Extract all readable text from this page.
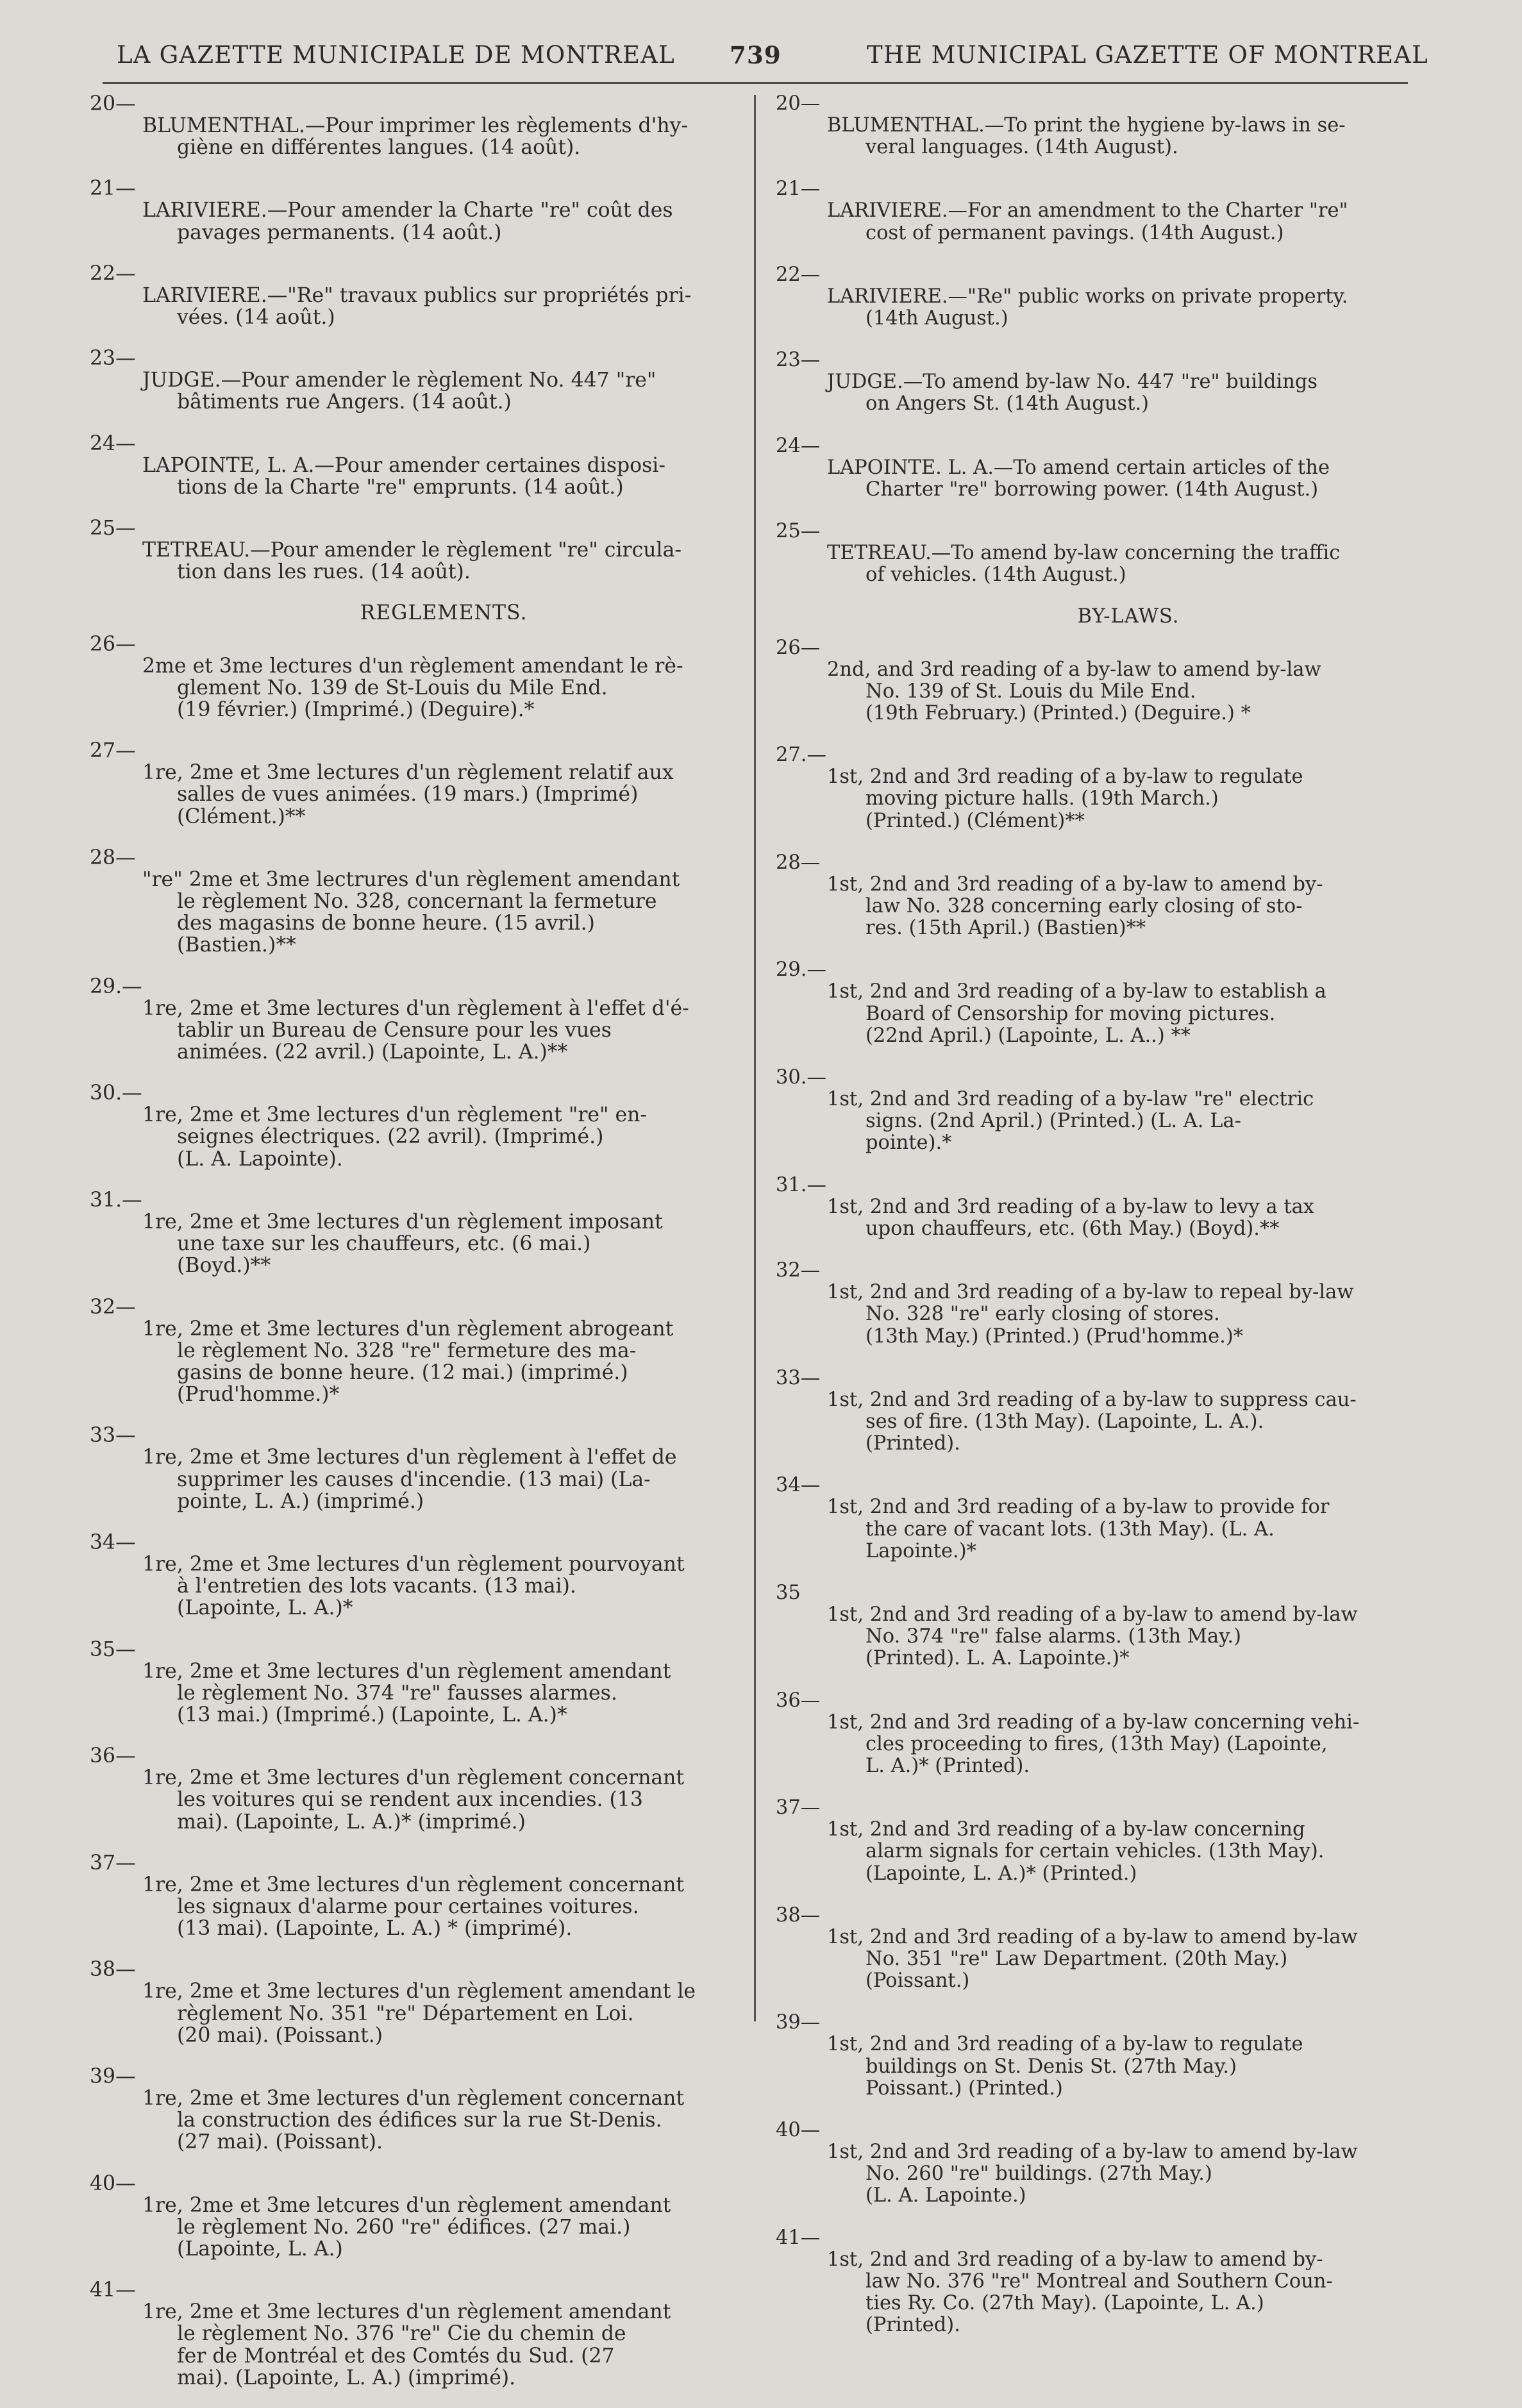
LA GAZETTE MUNICIPALE DE MONTREAL 739	THE MUNICIPAL GAZETTE OF MONTREAL
20—
BLUMENTHAL.—Pour imprimer les règlements d'hy-
giène en différentes langues. (14 août).
21—
LARIVIERE.—Pour amender la Charte "re" coût des
pavages permanents. (14 août.)
22—
LARIVIERE.—"Re" travaux publics sur propriétés pri-
vées. (14 août.)
23—
JUDGE.—Pour amender le règlement No. 447 "re"
bâtiments rue Angers. (14 août.)
24—
LAPOINTE, L. A.—Pour amender certaines disposi-
tions de la Charte "re" emprunts. (14 août.)
25—
TETREAU.—Pour amender le règlement "re" circula-
tion dans les rues. (14 août).
REGLEMENTS.
26—
2me et 3me lectures d'un règlement amendant le rè-
glement No. 139 de St-Louis du Mile End.
(19 février.) (Imprimé.) (Deguire).*
27—
1re, 2me et 3me lectures d'un règlement relatif aux
salles de vues animées. (19 mars.) (Imprimé)
(Clément.)**
28—
"re" 2me et 3me lectrures d'un règlement amendant
le règlement No. 328, concernant la fermeture
des magasins de bonne heure. (15 avril.)
(Bastien.)**
29.—
1re, 2me et 3me lectures d'un règlement à l'effet d'é-
tablir un Bureau de Censure pour les vues
animées. (22 avril.) (Lapointe, L. A.)**
30.—
1re, 2me et 3me lectures d'un règlement "re" en-
seignes électriques. (22 avril). (Imprimé.)
(L. A. Lapointe).
31.—
1re, 2me et 3me lectures d'un règlement imposant
une taxe sur les chauffeurs, etc. (6 mai.)
(Boyd.)**
32—
1re, 2me et 3me lectures d'un règlement abrogeant
le règlement No. 328 "re" fermeture des ma-
gasins de bonne heure. (12 mai.) (imprimé.)
(Prud'homme.)*
33—
1re, 2me et 3me lectures d'un règlement à l'effet de
supprimer les causes d'incendie. (13 mai) (La-
pointe, L. A.) (imprimé.)
34—
1re, 2me et 3me lectures d'un règlement pourvoyant
à l'entretien des lots vacants. (13 mai).
(Lapointe, L. A.)*
35—
1re, 2me et 3me lectures d'un règlement amendant
le règlement No. 374 "re" fausses alarmes.
(13 mai.) (Imprimé.) (Lapointe, L. A.)*
36—
1re, 2me et 3me lectures d'un règlement concernant
les voitures qui se rendent aux incendies. (13
mai). (Lapointe, L. A.)* (imprimé.)
37—
1re, 2me et 3me lectures d'un règlement concernant
les signaux d'alarme pour certaines voitures.
(13 mai). (Lapointe, L. A.) * (imprimé).
38—
1re, 2me et 3me lectures d'un règlement amendant le
règlement No. 351 "re" Département en Loi.
(20 mai). (Poissant.)
39—
1re, 2me et 3me lectures d'un règlement concernant
la construction des édifices sur la rue St-Denis.
(27 mai). (Poissant).
40—
1re, 2me et 3me letcures d'un règlement amendant
le règlement No. 260 "re" édifices. (27 mai.)
(Lapointe, L. A.)
41—
1re, 2me et 3me lectures d'un règlement amendant
le règlement No. 376 "re" Cie du chemin de
fer de Montréal et des Comtés du Sud. (27
mai). (Lapointe, L. A.) (imprimé).
20—
BLUMENTHAL.—To print the hygiene by-laws in se-
veral languages. (14th August).
21—
LARIVIERE.—For an amendment to the Charter "re"
cost of permanent pavings. (14th August.)
22—
LARIVIERE.—"Re" public works on private property.
(14th August.)
23—
JUDGE.—To amend by-law No. 447 "re" buildings
on Angers St. (14th August.)
24—
LAPOINTE. L. A.—To amend certain articles of the
Charter "re" borrowing power. (14th August.)
25—
TETREAU.—To amend by-law concerning the traffic
of vehicles. (14th August.)
BY-LAWS.
26—
2nd, and 3rd reading of a by-law to amend by-law
No. 139 of St. Louis du Mile End.
(19th February.) (Printed.) (Deguire.) *
27.—
1st, 2nd and 3rd reading of a by-law to regulate
moving picture halls. (19th March.)
(Printed.) (Clément)**
28—
1st, 2nd and 3rd reading of a by-law to amend by-
law No. 328 concerning early closing of sto-
res. (15th April.) (Bastien)**
29.—
1st, 2nd and 3rd reading of a by-law to establish a
Board of Censorship for moving pictures.
(22nd April.) (Lapointe, L. A..) **
30.—
1st, 2nd and 3rd reading of a by-law "re" electric
signs. (2nd April.) (Printed.) (L. A. La-
pointe).*
31.—
1st, 2nd and 3rd reading of a by-law to levy a tax
upon chauffeurs, etc. (6th May.) (Boyd).**
32—
1st, 2nd and 3rd reading of a by-law to repeal by-law
No. 328 "re" early closing of stores.
(13th May.) (Printed.) (Prud'homme.)*
33—
1st, 2nd and 3rd reading of a by-law to suppress cau-
ses of fire. (13th May). (Lapointe, L. A.).
(Printed).
34—
1st, 2nd and 3rd reading of a by-law to provide for
the care of vacant lots. (13th May). (L. A.
Lapointe.)*
35
1st, 2nd and 3rd reading of a by-law to amend by-law
No. 374 "re" false alarms. (13th May.)
(Printed). L. A. Lapointe.)*
36—
1st, 2nd and 3rd reading of a by-law concerning vehi-
cles proceeding to fires, (13th May) (Lapointe,
L. A.)* (Printed).
37—
1st, 2nd and 3rd reading of a by-law concerning
alarm signals for certain vehicles. (13th May).
(Lapointe, L. A.)* (Printed.)
38—
1st, 2nd and 3rd reading of a by-law to amend by-law
No. 351 "re" Law Department. (20th May.)
(Poissant.)
39—
1st, 2nd and 3rd reading of a by-law to regulate
buildings on St. Denis St. (27th May.)
Poissant.) (Printed.)
40—
1st, 2nd and 3rd reading of a by-law to amend by-law
No. 260 "re" buildings. (27th May.)
(L. A. Lapointe.)
41—
1st, 2nd and 3rd reading of a by-law to amend by-
law No. 376 "re" Montreal and Southern Coun-
ties Ry. Co. (27th May). (Lapointe, L. A.)
(Printed).
